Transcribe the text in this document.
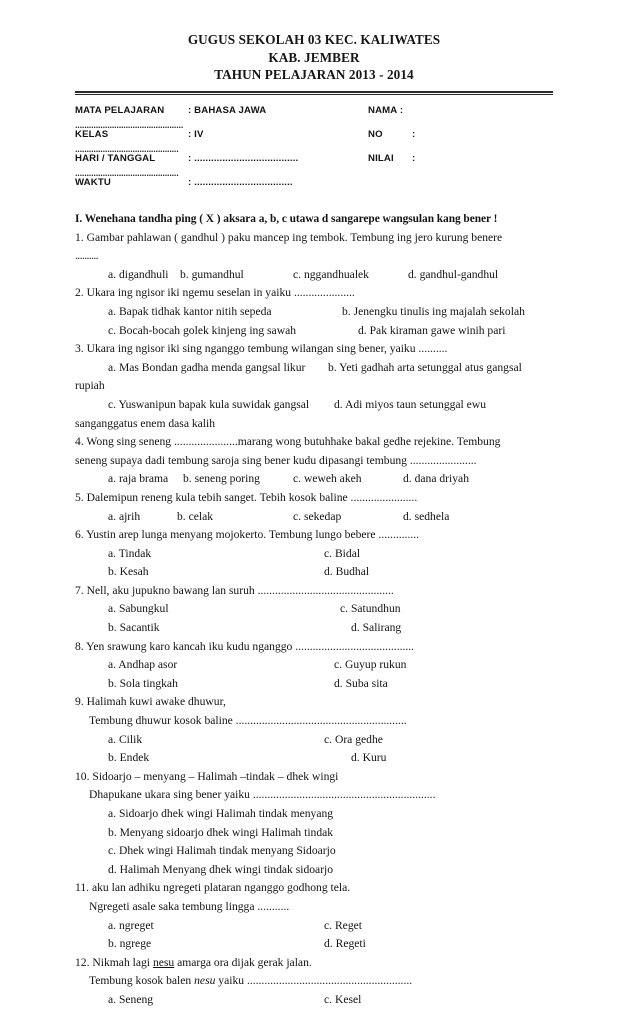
GUGUS SEKOLAH 03 KEC. KALIWATES
KAB. JEMBER
TAHUN PELAJARAN 2013 - 2014
MATA PELAJARAN : BAHASA JAWA	NAMA :
...............................................
KELAS	: IV	NO	:
.............................................
HARI / TANGGAL	: .....................................	NILAI :
.............................................
WAKTU	: ...................................
I. Wenehana tandha ping ( X ) aksara a, b, c utawa d sangarepe wangsulan kang bener !
1. Gambar pahlawan ( gandhul ) paku mancep ing tembok. Tembung ing jero kurung benere
..........
a. digandhuli b. gumandhul	c. nggandhualek	d. gandhul-gandhul
2. Ukara ing ngisor iki ngemu seselan in yaiku .....................
a. Bapak tidhak kantor nitih sepeda	b. Jenengku tinulis ing majalah sekolah
c. Bocah-bocah golek kinjeng ing sawah	d. Pak kiraman gawe winih pari
3. Ukara ing ngisor iki sing nganggo tembung wilangan sing bener, yaiku ..........
a. Mas Bondan gadha menda gangsal likur b. Yeti gadhah arta setunggal atus gangsal
rupiah
c. Yuswanipun bapak kula suwidak gangsal d. Adi miyos taun setunggal ewu
sanganggatus enem dasa kalih
4. Wong sing seneng ......................marang wong butuhhake bakal gedhe rejekine. Tembung
seneng supaya dadi tembung saroja sing bener kudu dipasangi tembung .......................
a. raja brama b. seneng poring	c. weweh akeh	d. dana driyah
5. Dalemipun reneng kula tebih sanget. Tebih kosok baline .......................
a. ajrih	b. celak	c. sekedap	d. sedhela
6. Yustin arep lunga menyang mojokerto. Tembung lungo bebere ..............
a. Tindak	c. Bidal
b. Kesah	d. Budhal
7. Nell, aku jupukno bawang lan suruh ...............................................
a. Sabungkul	c. Satundhun
b. Sacantik	d. Salirang
8. Yen srawung karo kancah iku kudu nganggo .........................................
a. Andhap asor	c. Guyup rukun
b. Sola tingkah	d. Suba sita
9. Halimah kuwi awake dhuwur,
Tembung dhuwur kosok baline ...........................................................
a. Cilik	c. Ora gedhe
b. Endek	d. Kuru
10. Sidoarjo – menyang – Halimah –tindak – dhek wingi
Dhapukane ukara sing bener yaiku ...............................................................
a. Sidoarjo dhek wingi Halimah tindak menyang
b. Menyang sidoarjo dhek wingi Halimah tindak
c. Dhek wingi Halimah tindak menyang Sidoarjo
d. Halimah Menyang dhek wingi tindak sidoarjo
11. aku lan adhiku ngregeti plataran nganggo godhong tela.
Ngregeti asale saka tembung lingga ...........
a. ngreget	c. Reget
b. ngrege	d. Regeti
12. Nikmah lagi nesu amarga ora dijak gerak jalan.
Tembung kosok balen nesu yaiku .........................................................
a. Seneng	c. Kesel
